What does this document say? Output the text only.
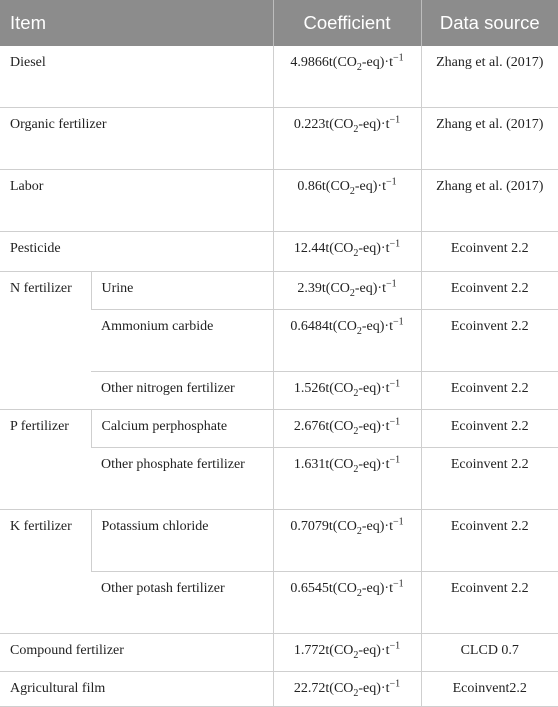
Item		Coefficient	Data source
Diesel		$4.9866t(CO_2-eq)\cdot t^{-1}$	Zhang et al. (2017)
Organic fertilizer		$0.223t(CO_2-eq)\cdot t^{-1}$	Zhang et al. (2017)
Labor		$0.86t(CO_2-eq)\cdot t^{-1}$	Zhang et al. (2017)
Pesticide		$12.44t(CO_2-eq)\cdot t^{-1}$	Ecoinvent 2.2
N fertilizer	Urine	$2.39t(CO_2-eq)\cdot t^{-1}$	Ecoinvent 2.2
	Ammonium carbide	$0.6484t(CO_2-eq)\cdot t^{-1}$	Ecoinvent 2.2
	Other nitrogen fertilizer	$1.526t(CO_2-eq)\cdot t^{-1}$	Ecoinvent 2.2
P fertilizer	Calcium perphosphate	$2.676t(CO_2-eq)\cdot t^{-1}$	Ecoinvent 2.2
	Other phosphate fertilizer	$1.631t(CO_2-eq)\cdot t^{-1}$	Ecoinvent 2.2
K fertilizer	Potassium chloride	$0.7079t(CO_2-eq)\cdot t^{-1}$	Ecoinvent 2.2
	Other potash fertilizer	$0.6545t(CO_2-eq)\cdot t^{-1}$	Ecoinvent 2.2
Compound fertilizer		$1.772t(CO_2-eq)\cdot t^{-1}$	CLCD 0.7
Agricultural film		$22.72t(CO_2-eq)\cdot t^{-1}$	Ecoinvent2.2
